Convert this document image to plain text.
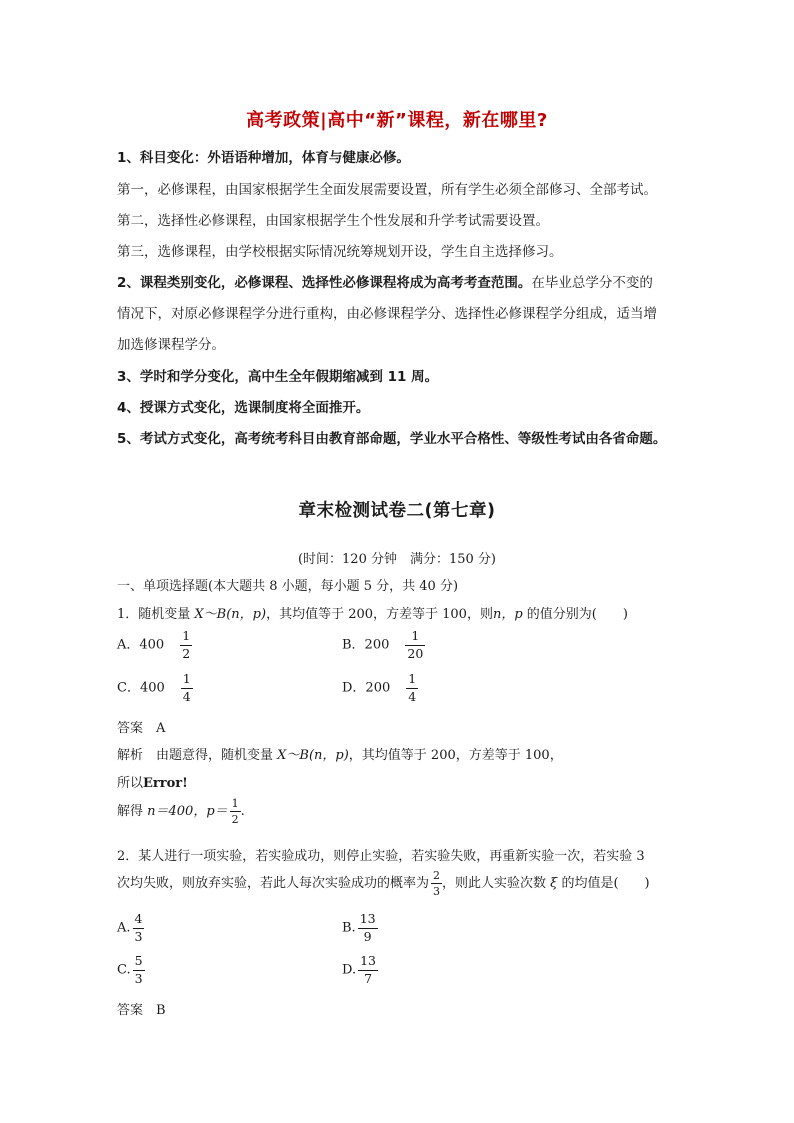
高考政策|高中“新”课程，新在哪里?
1、科目变化：外语语种增加，体育与健康必修。
第一，必修课程，由国家根据学生全面发展需要设置，所有学生必须全部修习、全部考试。
第二，选择性必修课程，由国家根据学生个性发展和升学考试需要设置。
第三，选修课程，由学校根据实际情况统筹规划开设，学生自主选择修习。
2、课程类别变化，必修课程、选择性必修课程将成为高考考查范围。在毕业总学分不变的
情况下，对原必修课程学分进行重构，由必修课程学分、选择性必修课程学分组成，适当增
加选修课程学分。
3、学时和学分变化，高中生全年假期缩减到 11 周。
4、授课方式变化，选课制度将全面推开。
5、考试方式变化，高考统考科目由教育部命题，学业水平合格性、等级性考试由各省命题。
章末检测试卷二(第七章)
(时间：120 分钟　满分：150 分)
一、单项选择题(本大题共 8 小题，每小题 5 分，共 40 分)
1．随机变量 X～B(n，p)，其均值等于 200，方差等于 100，则n，p 的值分别为(　　)
A．$400 \frac{1}{2}$	B．$200 \frac{1}{20}$
C．$400 \frac{1}{4}$	D．$200 \frac{1}{4}$
答案　A
解析　由题意得，随机变量 X～B(n，p)，其均值等于 200，方差等于 100，
所以Error!
解得 n＝400，$p= \frac{1}{2}$ .
2．某人进行一项实验，若实验成功，则停止实验，若实验失败，再重新实验一次，若实验 3
次均失败，则放弃实验，若此人每次实验成功的概率为 $\frac{2}{3}$ ，则此人实验次数 ξ 的均值是(　　)
A. $\frac{4}{3}$	B. $\frac{13}{9}$
C. $\frac{5}{3}$	D. $\frac{13}{7}$
答案　B
